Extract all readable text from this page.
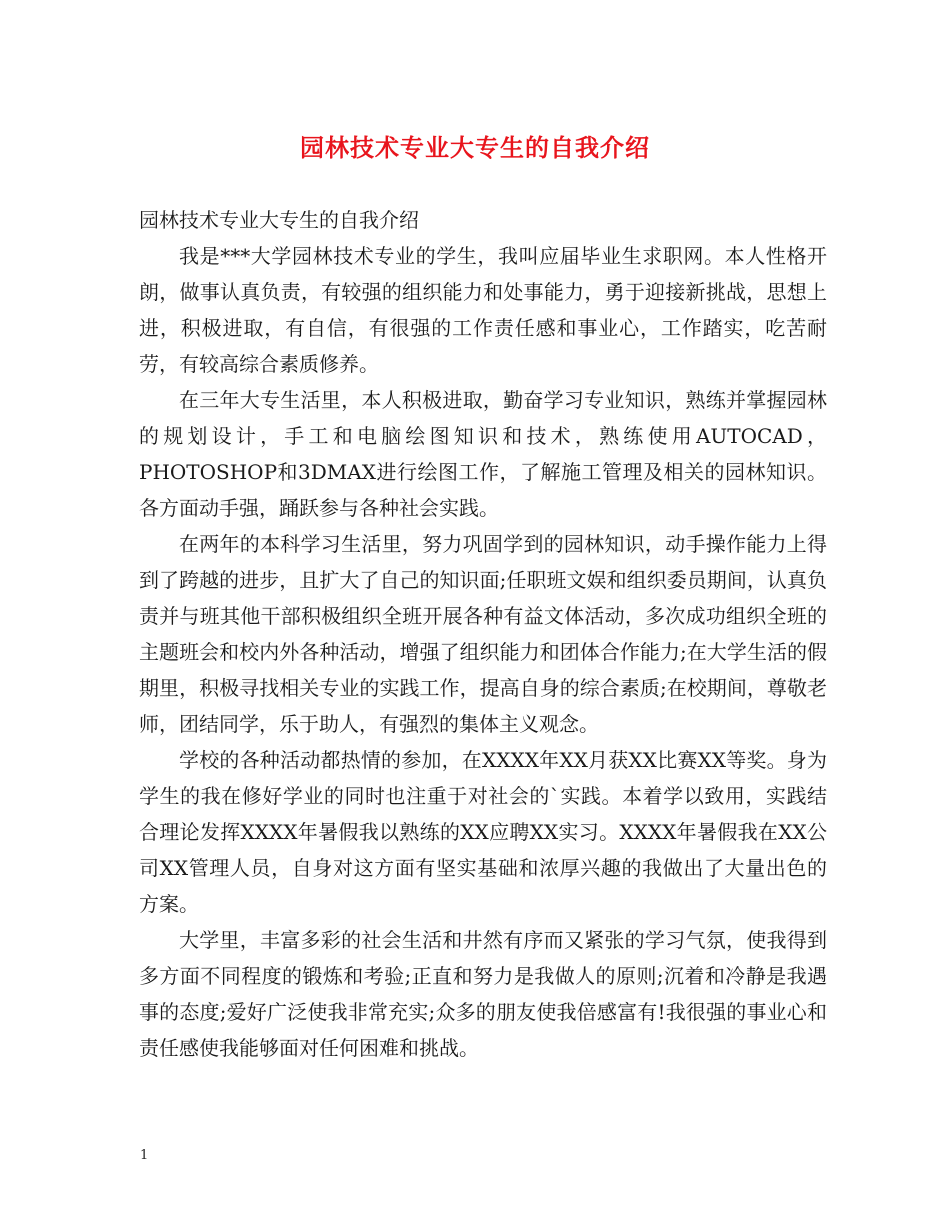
园林技术专业大专生的自我介绍

园林技术专业大专生的自我介绍

我是***大学园林技术专业的学生，我叫应届毕业生求职网。本人性格开朗，做事认真负责，有较强的组织能力和处事能力，勇于迎接新挑战，思想上进，积极进取，有自信，有很强的工作责任感和事业心，工作踏实，吃苦耐劳，有较高综合素质修养。

在三年大专生活里，本人积极进取，勤奋学习专业知识，熟练并掌握园林的规划设计，手工和电脑绘图知识和技术，熟练使用AUTOCAD，PHOTOSHOP和3DMAX进行绘图工作，了解施工管理及相关的园林知识。各方面动手强，踊跃参与各种社会实践。

在两年的本科学习生活里，努力巩固学到的园林知识，动手操作能力上得到了跨越的进步，且扩大了自己的知识面;任职班文娱和组织委员期间，认真负责并与班其他干部积极组织全班开展各种有益文体活动，多次成功组织全班的主题班会和校内外各种活动，增强了组织能力和团体合作能力;在大学生活的假期里，积极寻找相关专业的实践工作，提高自身的综合素质;在校期间，尊敬老师，团结同学，乐于助人，有强烈的集体主义观念。

学校的各种活动都热情的参加，在XXXX年XX月获XX比赛XX等奖。身为学生的我在修好学业的同时也注重于对社会的`实践。本着学以致用，实践结合理论发挥XXXX年暑假我以熟练的XX应聘XX实习。XXXX年暑假我在XX公司XX管理人员，自身对这方面有坚实基础和浓厚兴趣的我做出了大量出色的方案。

大学里，丰富多彩的社会生活和井然有序而又紧张的学习气氛，使我得到多方面不同程度的锻炼和考验;正直和努力是我做人的原则;沉着和冷静是我遇事的态度;爱好广泛使我非常充实;众多的朋友使我倍感富有!我很强的事业心和责任感使我能够面对任何困难和挑战。

1
